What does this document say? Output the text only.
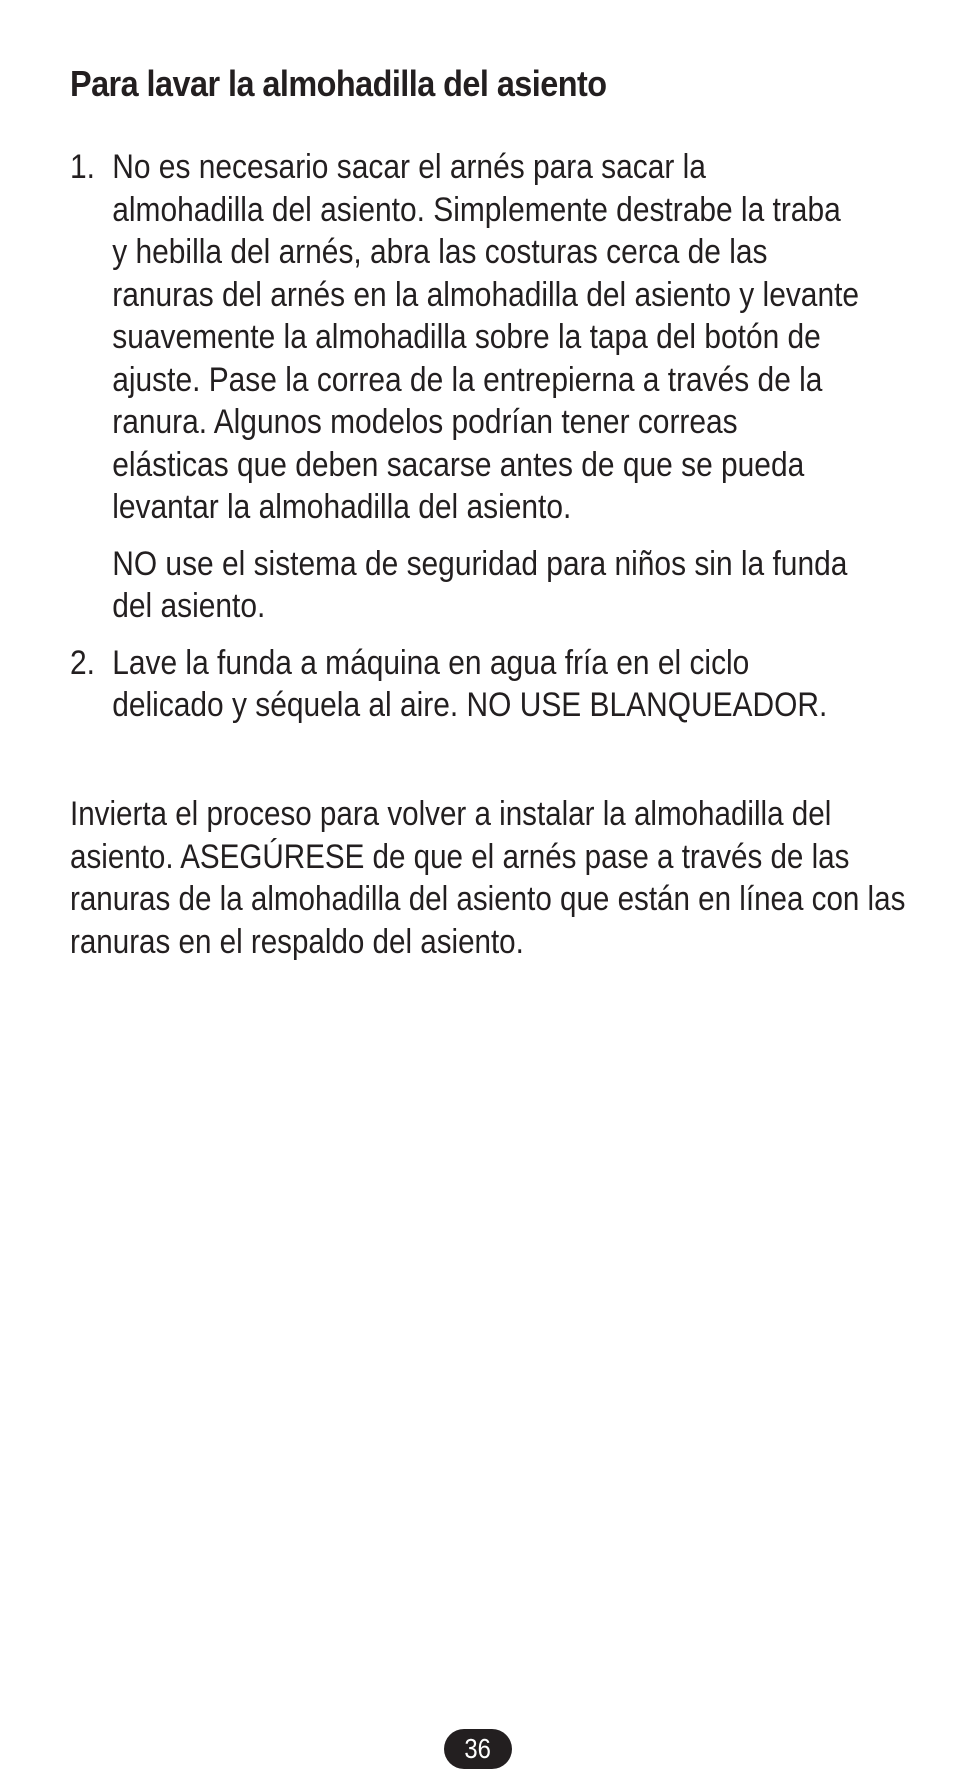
Para lavar la almohadilla del asiento
1. No es necesario sacar el arnés para sacar la almohadilla del asiento. Simplemente destrabe la traba y hebilla del arnés, abra las costuras cerca de las ranuras del arnés en la almohadilla del asiento y levante suavemente la almohadilla sobre la tapa del botón de ajuste. Pase la correa de la entrepierna a través de la ranura. Algunos modelos podrían tener correas elásticas que deben sacarse antes de que se pueda levantar la almohadilla del asiento.

NO use el sistema de seguridad para niños sin la funda del asiento.

2. Lave la funda a máquina en agua fría en el ciclo delicado y séquela al aire. NO USE BLANQUEADOR.

Invierta el proceso para volver a instalar la almohadilla del asiento. ASEGÚRESE de que el arnés pase a través de las ranuras de la almohadilla del asiento que están en línea con las ranuras en el respaldo del asiento.

36
